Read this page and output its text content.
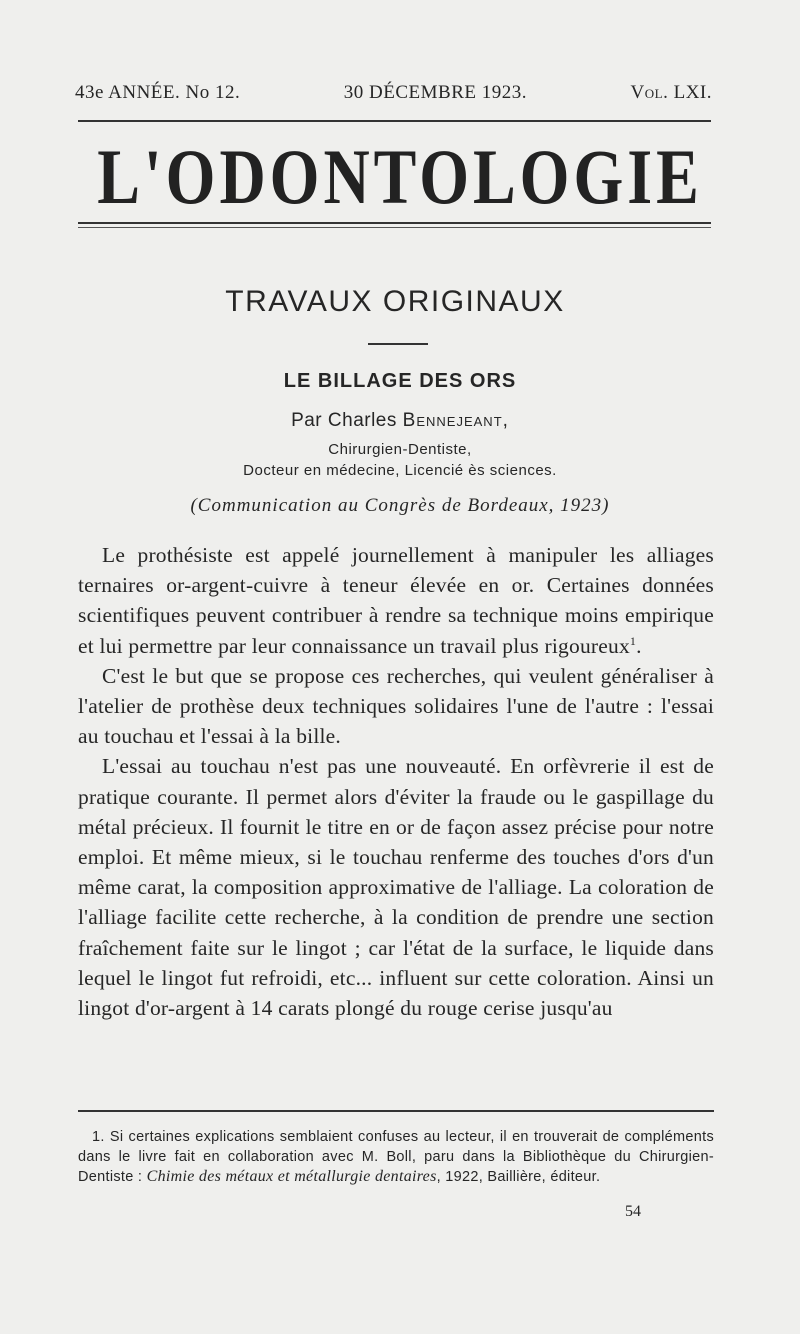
43e ANNÉE. No 12.	30 DÉCEMBRE 1923.	Vol. LXI.
L'ODONTOLOGIE
TRAVAUX ORIGINAUX
LE BILLAGE DES ORS
Par Charles Bennejeant,
Chirurgien-Dentiste,
Docteur en médecine, Licencié ès sciences.
(Communication au Congrès de Bordeaux, 1923)

Le prothésiste est appelé journellement à manipuler les alliages ternaires or-argent-cuivre à teneur élevée en or. Certaines données scientifiques peuvent contribuer à rendre sa technique moins empirique et lui permettre par leur connaissance un travail plus rigoureux$^1$.

C'est le but que se propose ces recherches, qui veulent généraliser à l'atelier de prothèse deux techniques solidaires l'une de l'autre : l'essai au touchau et l'essai à la bille.

L'essai au touchau n'est pas une nouveauté. En orfèvrerie il est de pratique courante. Il permet alors d'éviter la fraude ou le gaspillage du métal précieux. Il fournit le titre en or de façon assez précise pour notre emploi. Et même mieux, si le touchau renferme des touches d'ors d'un même carat, la composition approximative de l'alliage. La coloration de l'alliage facilite cette recherche, à la condition de prendre une section fraîchement faite sur le lingot ; car l'état de la surface, le liquide dans lequel le lingot fut refroidi, etc... influent sur cette coloration. Ainsi un lingot d'or-argent à 14 carats plongé du rouge cerise jusqu'au

1. Si certaines explications semblaient confuses au lecteur, il en trouverait de compléments dans le livre fait en collaboration avec M. Boll, paru dans la Bibliothèque du Chirurgien-Dentiste : Chimie des métaux et métallurgie dentaires, 1922, Baillière, éditeur.

54
